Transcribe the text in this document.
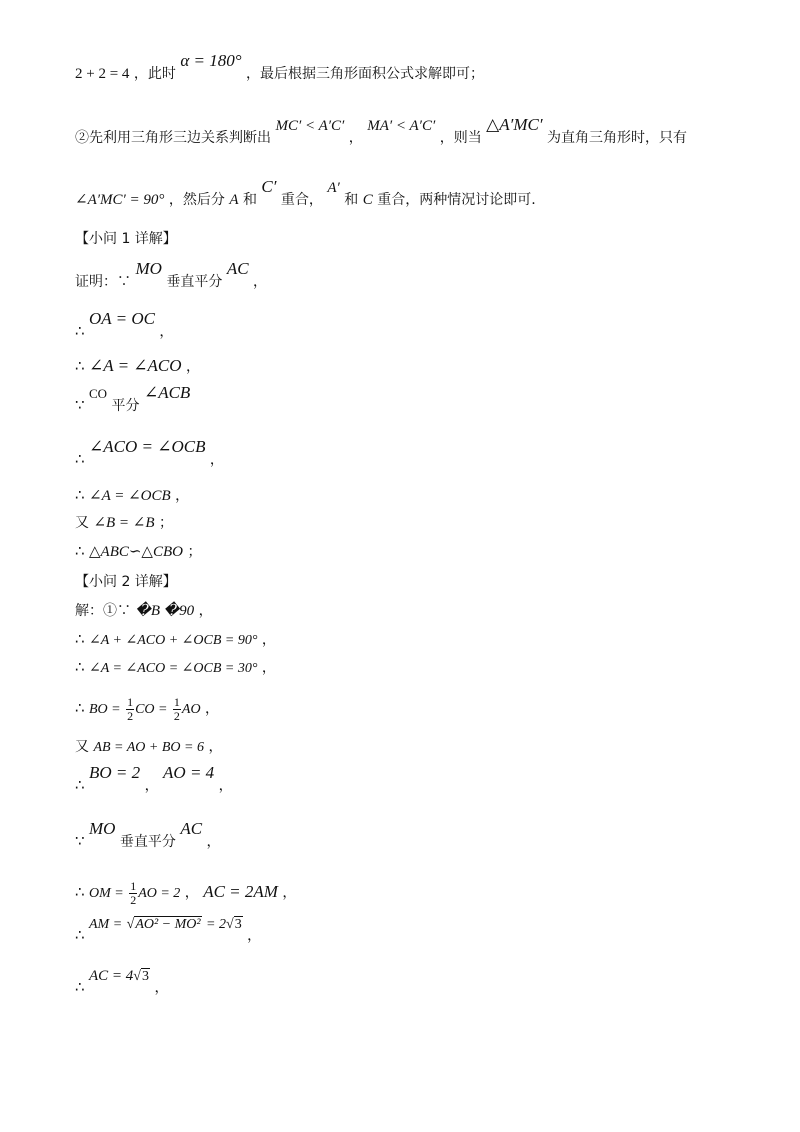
2 + 2 = 4 ，此时 α = 180° ，最后根据三角形面积公式求解即可；
②先利用三角形三边关系判断出 MC′ < A′C′ ， MA′ < A′C′ ，则当 △A′MC′ 为直角三角形时，只有
∠A′MC′ = 90° ，然后分 A 和 C′ 重合， A′ 和 C 重合，两种情况讨论即可.
【小问 1 详解】
证明：∵ MO 垂直平分 AC ，
∴ OA = OC ，
∴ ∠A = ∠ACO ，
∵ CO 平分 ∠ACB
∴ ∠ACO = ∠OCB ，
∴ ∠A = ∠OCB ，
又 ∠B = ∠B ；
∴ △ABC∽△CBO ；
【小问 2 详解】
解：①∵ �B �90 ，
∴ ∠A + ∠ACO + ∠OCB = 90° ，
∴ ∠A = ∠ACO = ∠OCB = 30° ，
∴ BO = $\frac{1}{2}$ CO = $\frac{1}{2}$ AO ，
又 AB = AO + BO = 6 ，
∴ BO = 2 ， AO = 4 ，
∵ MO 垂直平分 AC ，
∴ OM = $\frac{1}{2}$ AO = 2 ， AC = 2AM ，
∴ AM = √AO² − MO² = 2√3 ，
∴ AC = 4√3 ，
